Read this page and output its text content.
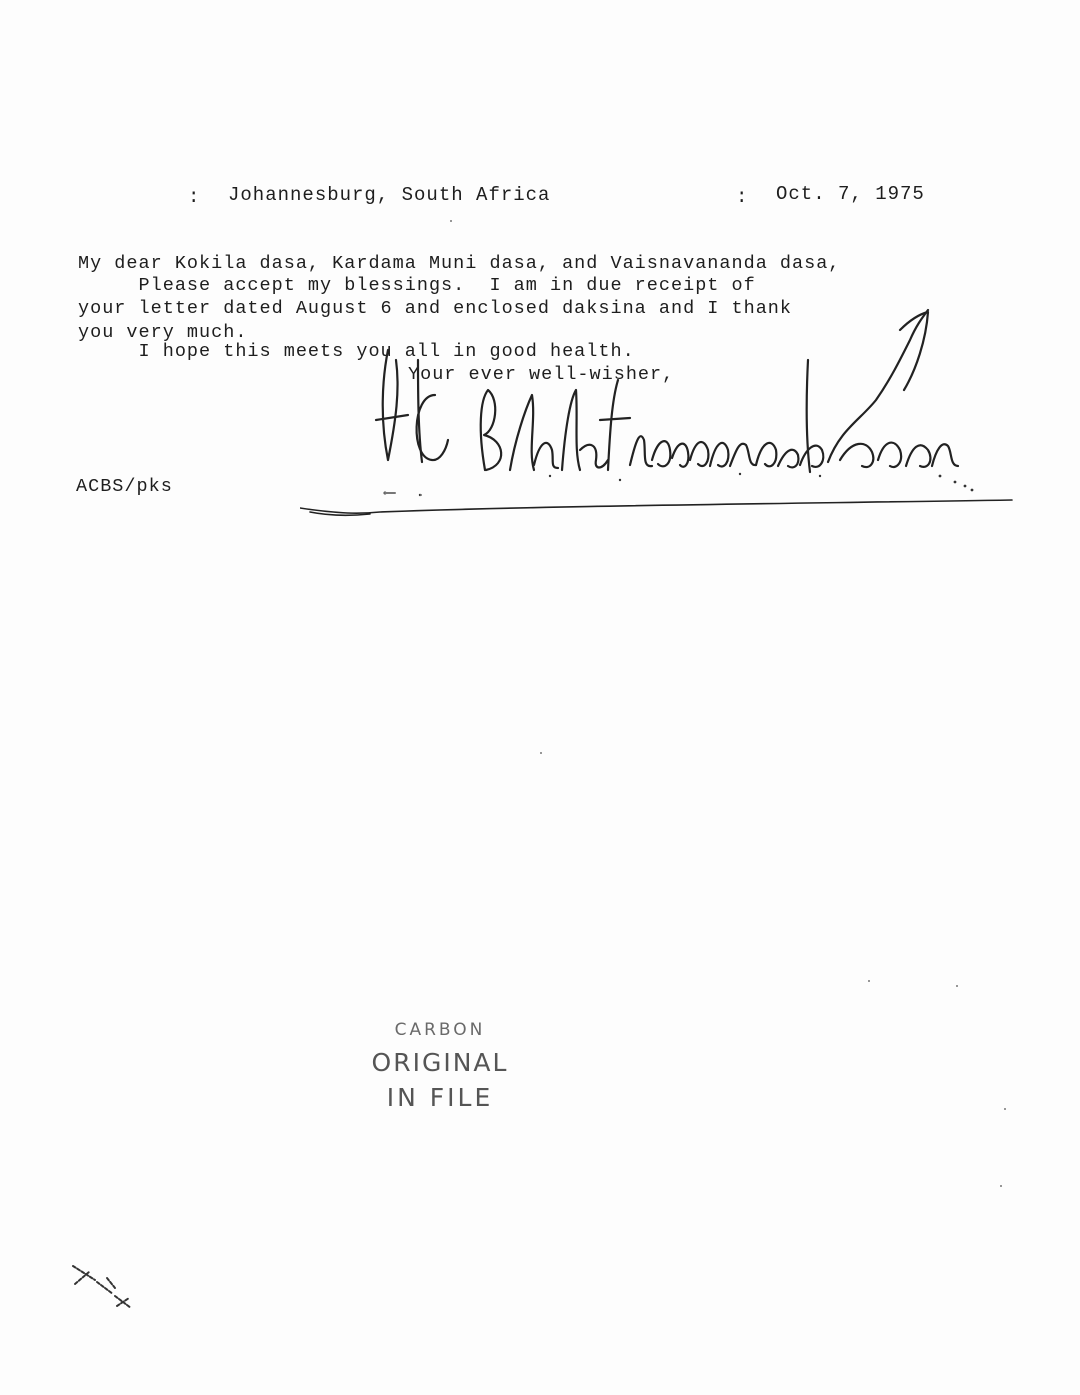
: Johannesburg, South Africa	: Oct. 7, 1975
My dear Kokila dasa, Kardama Muni dasa, and Vaisnavananda dasa,
Please accept my blessings.  I am in due receipt of
your letter dated August 6 and enclosed daksina and I thank
you very much.
I hope this meets you all in good health.
Your ever well-wisher,
ACBS/pks
CARBON
ORIGINAL
IN FILE
